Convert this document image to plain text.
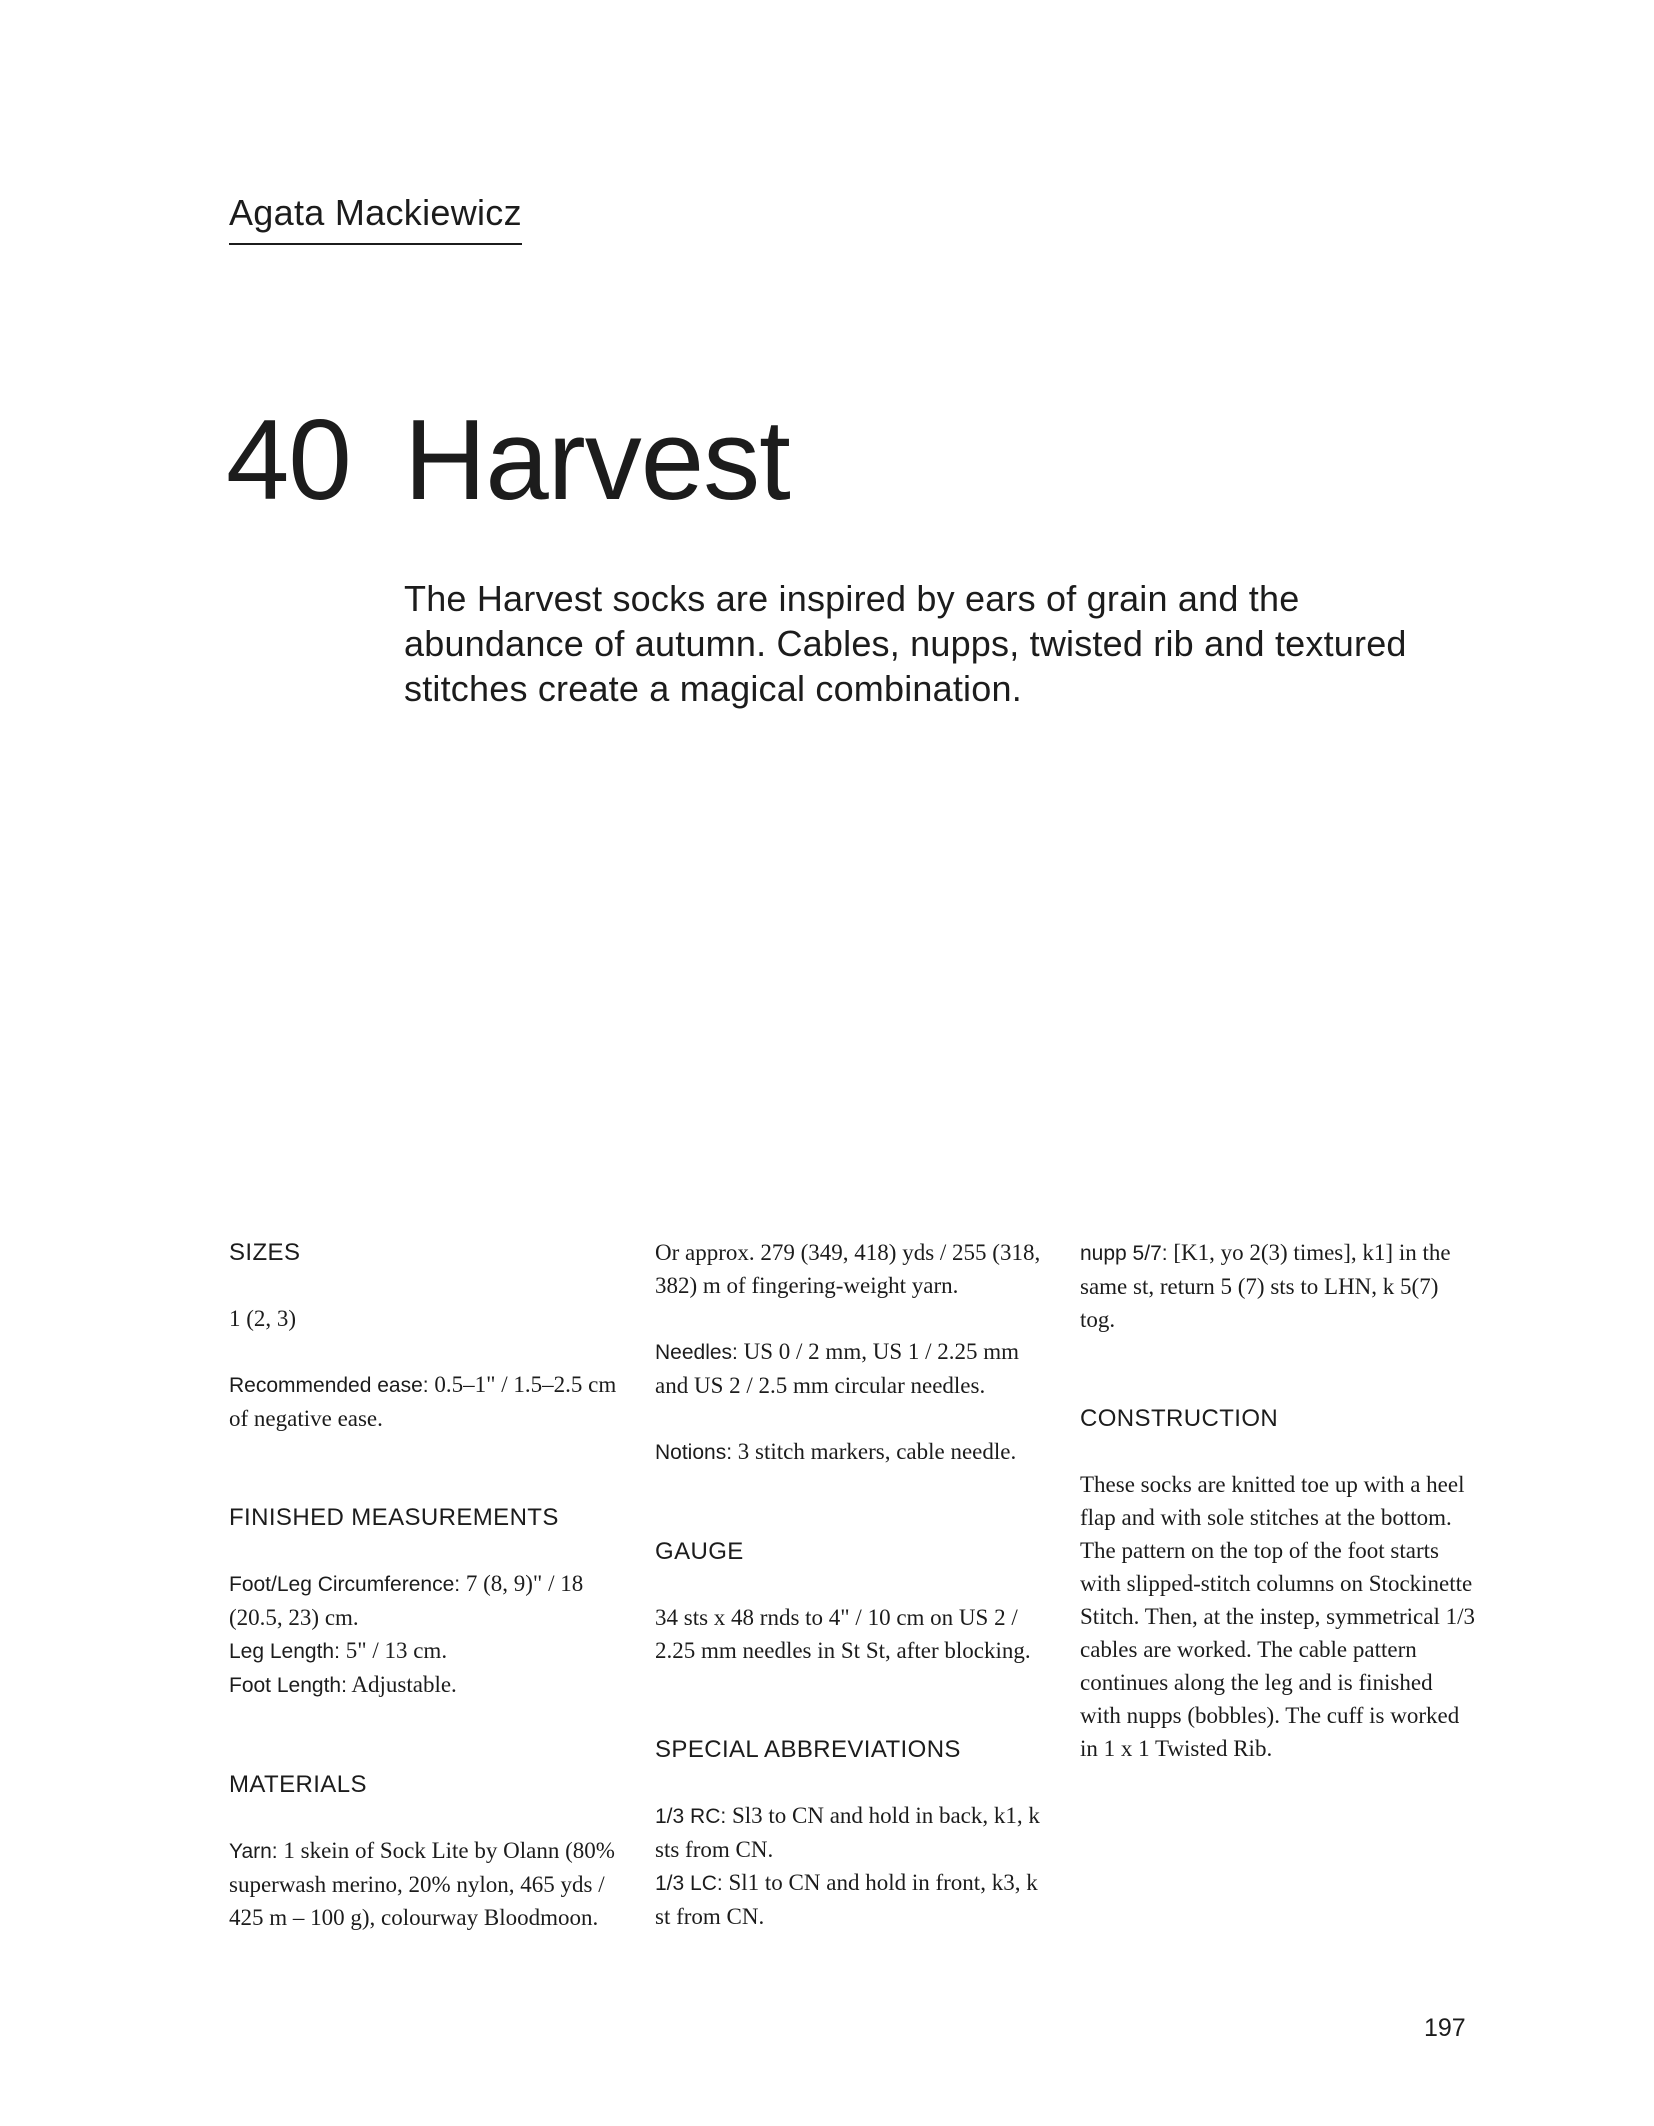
Agata Mackiewicz
40 Harvest

The Harvest socks are inspired by ears of grain and the abundance of autumn. Cables, nupps, twisted rib and textured stitches create a magical combination.

SIZES

1 (2, 3)

Recommended ease: 0.5–1" / 1.5–2.5 cm of negative ease.

FINISHED MEASUREMENTS

Foot/Leg Circumference: 7 (8, 9)" / 18 (20.5, 23) cm.

Leg Length: 5" / 13 cm.

Foot Length: Adjustable.

MATERIALS

Yarn: 1 skein of Sock Lite by Olann (80% superwash merino, 20% nylon, 465 yds / 425 m – 100 g), colourway Bloodmoon.

Or approx. 279 (349, 418) yds / 255 (318, 382) m of fingering-weight yarn.

Needles: US 0 / 2 mm, US 1 / 2.25 mm and US 2 / 2.5 mm circular needles.

Notions: 3 stitch markers, cable needle.

GAUGE

34 sts x 48 rnds to 4" / 10 cm on US 2 / 2.25 mm needles in St St, after blocking.

SPECIAL ABBREVIATIONS

1/3 RC: Sl3 to CN and hold in back, k1, k sts from CN.

1/3 LC: Sl1 to CN and hold in front, k3, k st from CN.

nupp 5/7: [K1, yo 2(3) times], k1] in the same st, return 5 (7) sts to LHN, k 5(7) tog.

CONSTRUCTION

These socks are knitted toe up with a heel flap and with sole stitches at the bottom. The pattern on the top of the foot starts with slipped-stitch columns on Stockinette Stitch. Then, at the instep, symmetrical 1/3 cables are worked. The cable pattern continues along the leg and is finished with nupps (bobbles). The cuff is worked in 1 x 1 Twisted Rib.

197
